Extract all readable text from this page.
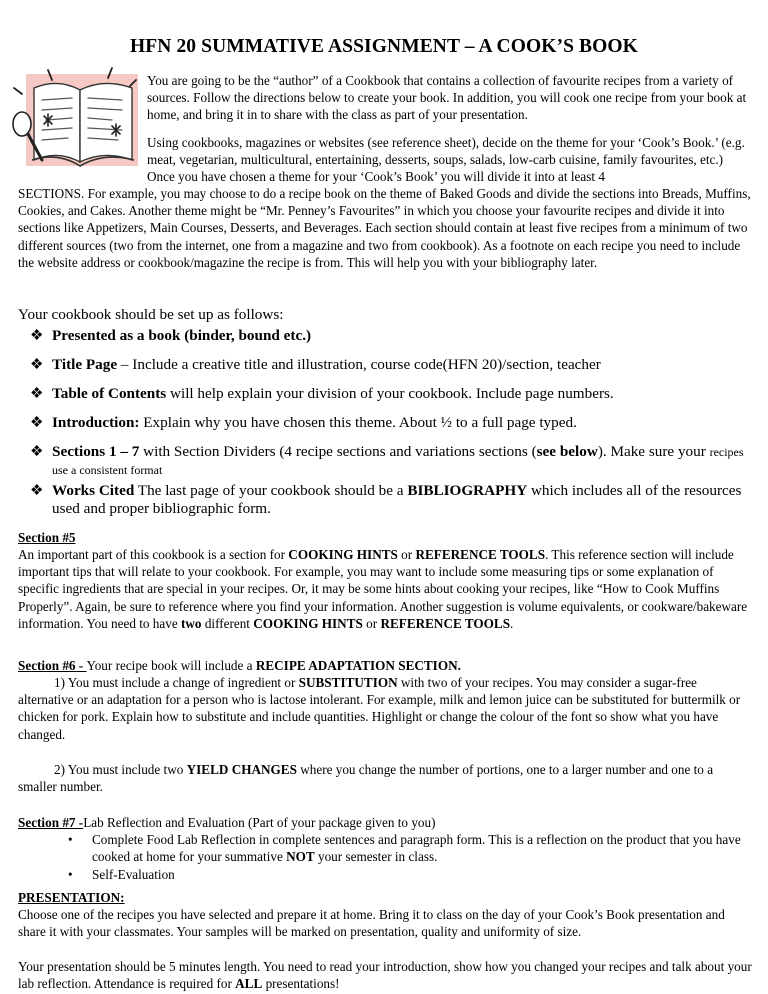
HFN 20 SUMMATIVE ASSIGNMENT – A COOK’S BOOK

You are going to be the “author” of a Cookbook that contains a collection of favourite recipes from a variety of sources. Follow the directions below to create your book. In addition, you will cook one recipe from your book at home, and bring it in to share with the class as part of your presentation.

Using cookbooks, magazines or websites (see reference sheet), decide on the theme for your ‘Cook’s Book.’ (e.g. meat, vegetarian, multicultural, entertaining, desserts, soups, salads, low-carb cuisine, family favourites, etc.) Once you have chosen a theme for your ‘Cook’s Book’ you will divide it into at least 4

SECTIONS. For example, you may choose to do a recipe book on the theme of Baked Goods and divide the sections into Breads, Muffins, Cookies, and Cakes. Another theme might be “Mr. Penney’s Favourites” in which you choose your favourite recipes and divide it into sections like Appetizers, Main Courses, Desserts, and Beverages. Each section should contain at least five recipes from a minimum of two different sources (two from the internet, one from a magazine and two from cookbook). As a footnote on each recipe you need to include the website address or cookbook/magazine the recipe is from. This will help you with your bibliography later.

Your cookbook should be set up as follows:
❖ Presented as a book (binder, bound etc.)
❖ Title Page – Include a creative title and illustration, course code(HFN 20)/section, teacher
❖ Table of Contents will help explain your division of your cookbook. Include page numbers.
❖ Introduction: Explain why you have chosen this theme. About ½ to a full page typed.
❖ Sections 1 – 7 with Section Dividers (4 recipe sections and variations sections (see below). Make sure your recipes use a consistent format
❖ Works Cited The last page of your cookbook should be a BIBLIOGRAPHY which includes all of the resources used and proper bibliographic form.
Section #5

An important part of this cookbook is a section for COOKING HINTS or REFERENCE TOOLS. This reference section will include important tips that will relate to your cookbook. For example, you may want to include some measuring tips or some explanation of specific ingredients that are special in your recipes. Or, it may be some hints about cooking your recipes, like “How to Cook Muffins Properly”. Again, be sure to reference where you find your information. Another suggestion is volume equivalents, or cookware/bakeware information. You need to have two different COOKING HINTS or REFERENCE TOOLS.

Section #6 - Your recipe book will include a RECIPE ADAPTATION SECTION.

1) You must include a change of ingredient or SUBSTITUTION with two of your recipes. You may consider a sugar-free alternative or an adaptation for a person who is lactose intolerant. For example, milk and lemon juice can be substituted for buttermilk or chicken for pork. Explain how to substitute and include quantities. Highlight or change the colour of the font so show what you have changed.

2) You must include two YIELD CHANGES where you change the number of portions, one to a larger number and one to a smaller number.

Section #7 -Lab Reflection and Evaluation (Part of your package given to you)
• Complete Food Lab Reflection in complete sentences and paragraph form. This is a reflection on the product that you have cooked at home for your summative NOT your semester in class.
• Self-Evaluation
PRESENTATION:

Choose one of the recipes you have selected and prepare it at home. Bring it to class on the day of your Cook’s Book presentation and share it with your classmates. Your samples will be marked on presentation, quality and uniformity of size.

Your presentation should be 5 minutes length. You need to read your introduction, show how you changed your recipes and talk about your lab reflection. Attendance is required for ALL presentations!
